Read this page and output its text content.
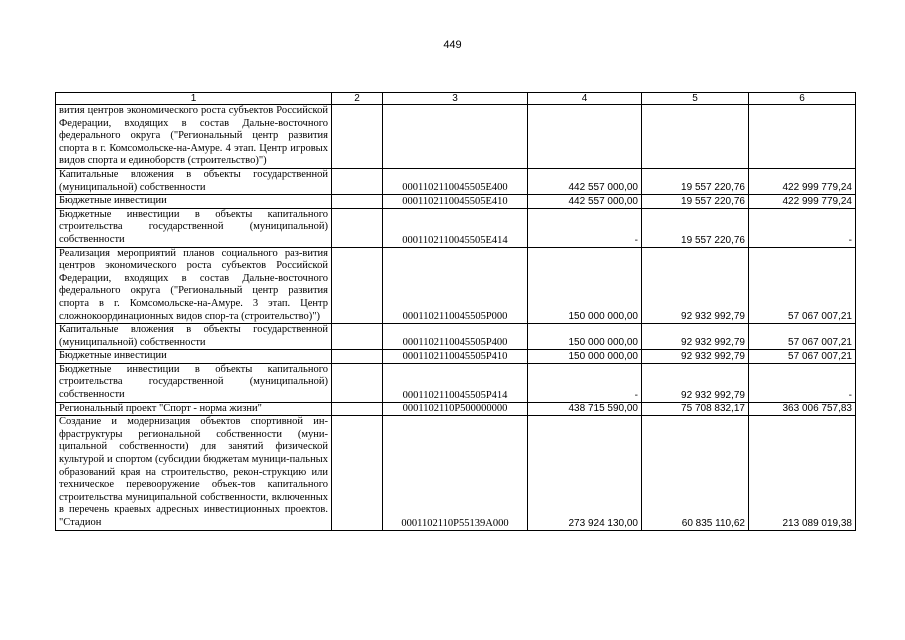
449
1	2	3	4	5	6
вития центров экономического роста субъектов Российской Федерации, входящих в состав Дальне-восточного федерального округа ("Региональный центр развития спорта в г. Комсомольске-на-Амуре. 4 этап. Центр игровых видов спорта и единоборств (строительство)")					
Капитальные вложения в объекты государственной (муниципальной) собственности		0001102110045505Е400	442 557 000,00	19 557 220,76	422 999 779,24
Бюджетные инвестиции		0001102110045505Е410	442 557 000,00	19 557 220,76	422 999 779,24
Бюджетные инвестиции в объекты капитального строительства государственной (муниципальной) собственности		0001102110045505Е414	-	19 557 220,76	-
Реализация мероприятий планов социального раз-вития центров экономического роста субъектов Российской Федерации, входящих в состав Дальне-восточного федерального округа ("Региональный центр развития спорта в г. Комсомольске-на-Амуре. 3 этап. Центр сложнокоординационных видов спор-та (строительство)")		0001102110045505Р000	150 000 000,00	92 932 992,79	57 067 007,21
Капитальные вложения в объекты государственной (муниципальной) собственности		0001102110045505Р400	150 000 000,00	92 932 992,79	57 067 007,21
Бюджетные инвестиции		0001102110045505Р410	150 000 000,00	92 932 992,79	57 067 007,21
Бюджетные инвестиции в объекты капитального строительства государственной (муниципальной) собственности		0001102110045505Р414	-	92 932 992,79	-
Региональный проект "Спорт - норма жизни"		0001102110Р500000000	438 715 590,00	75 708 832,17	363 006 757,83
Создание и модернизация объектов спортивной ин-фраструктуры региональной собственности (муни-ципальной собственности) для занятий физической культурой и спортом (субсидии бюджетам муници-пальных образований края на строительство, рекон-струкцию или техническое перевооружение объек-тов капитального строительства муниципальной собственности, включенных в перечень краевых адресных инвестиционных проектов. "Стадион		0001102110Р55139А000	273 924 130,00	60 835 110,62	213 089 019,38
